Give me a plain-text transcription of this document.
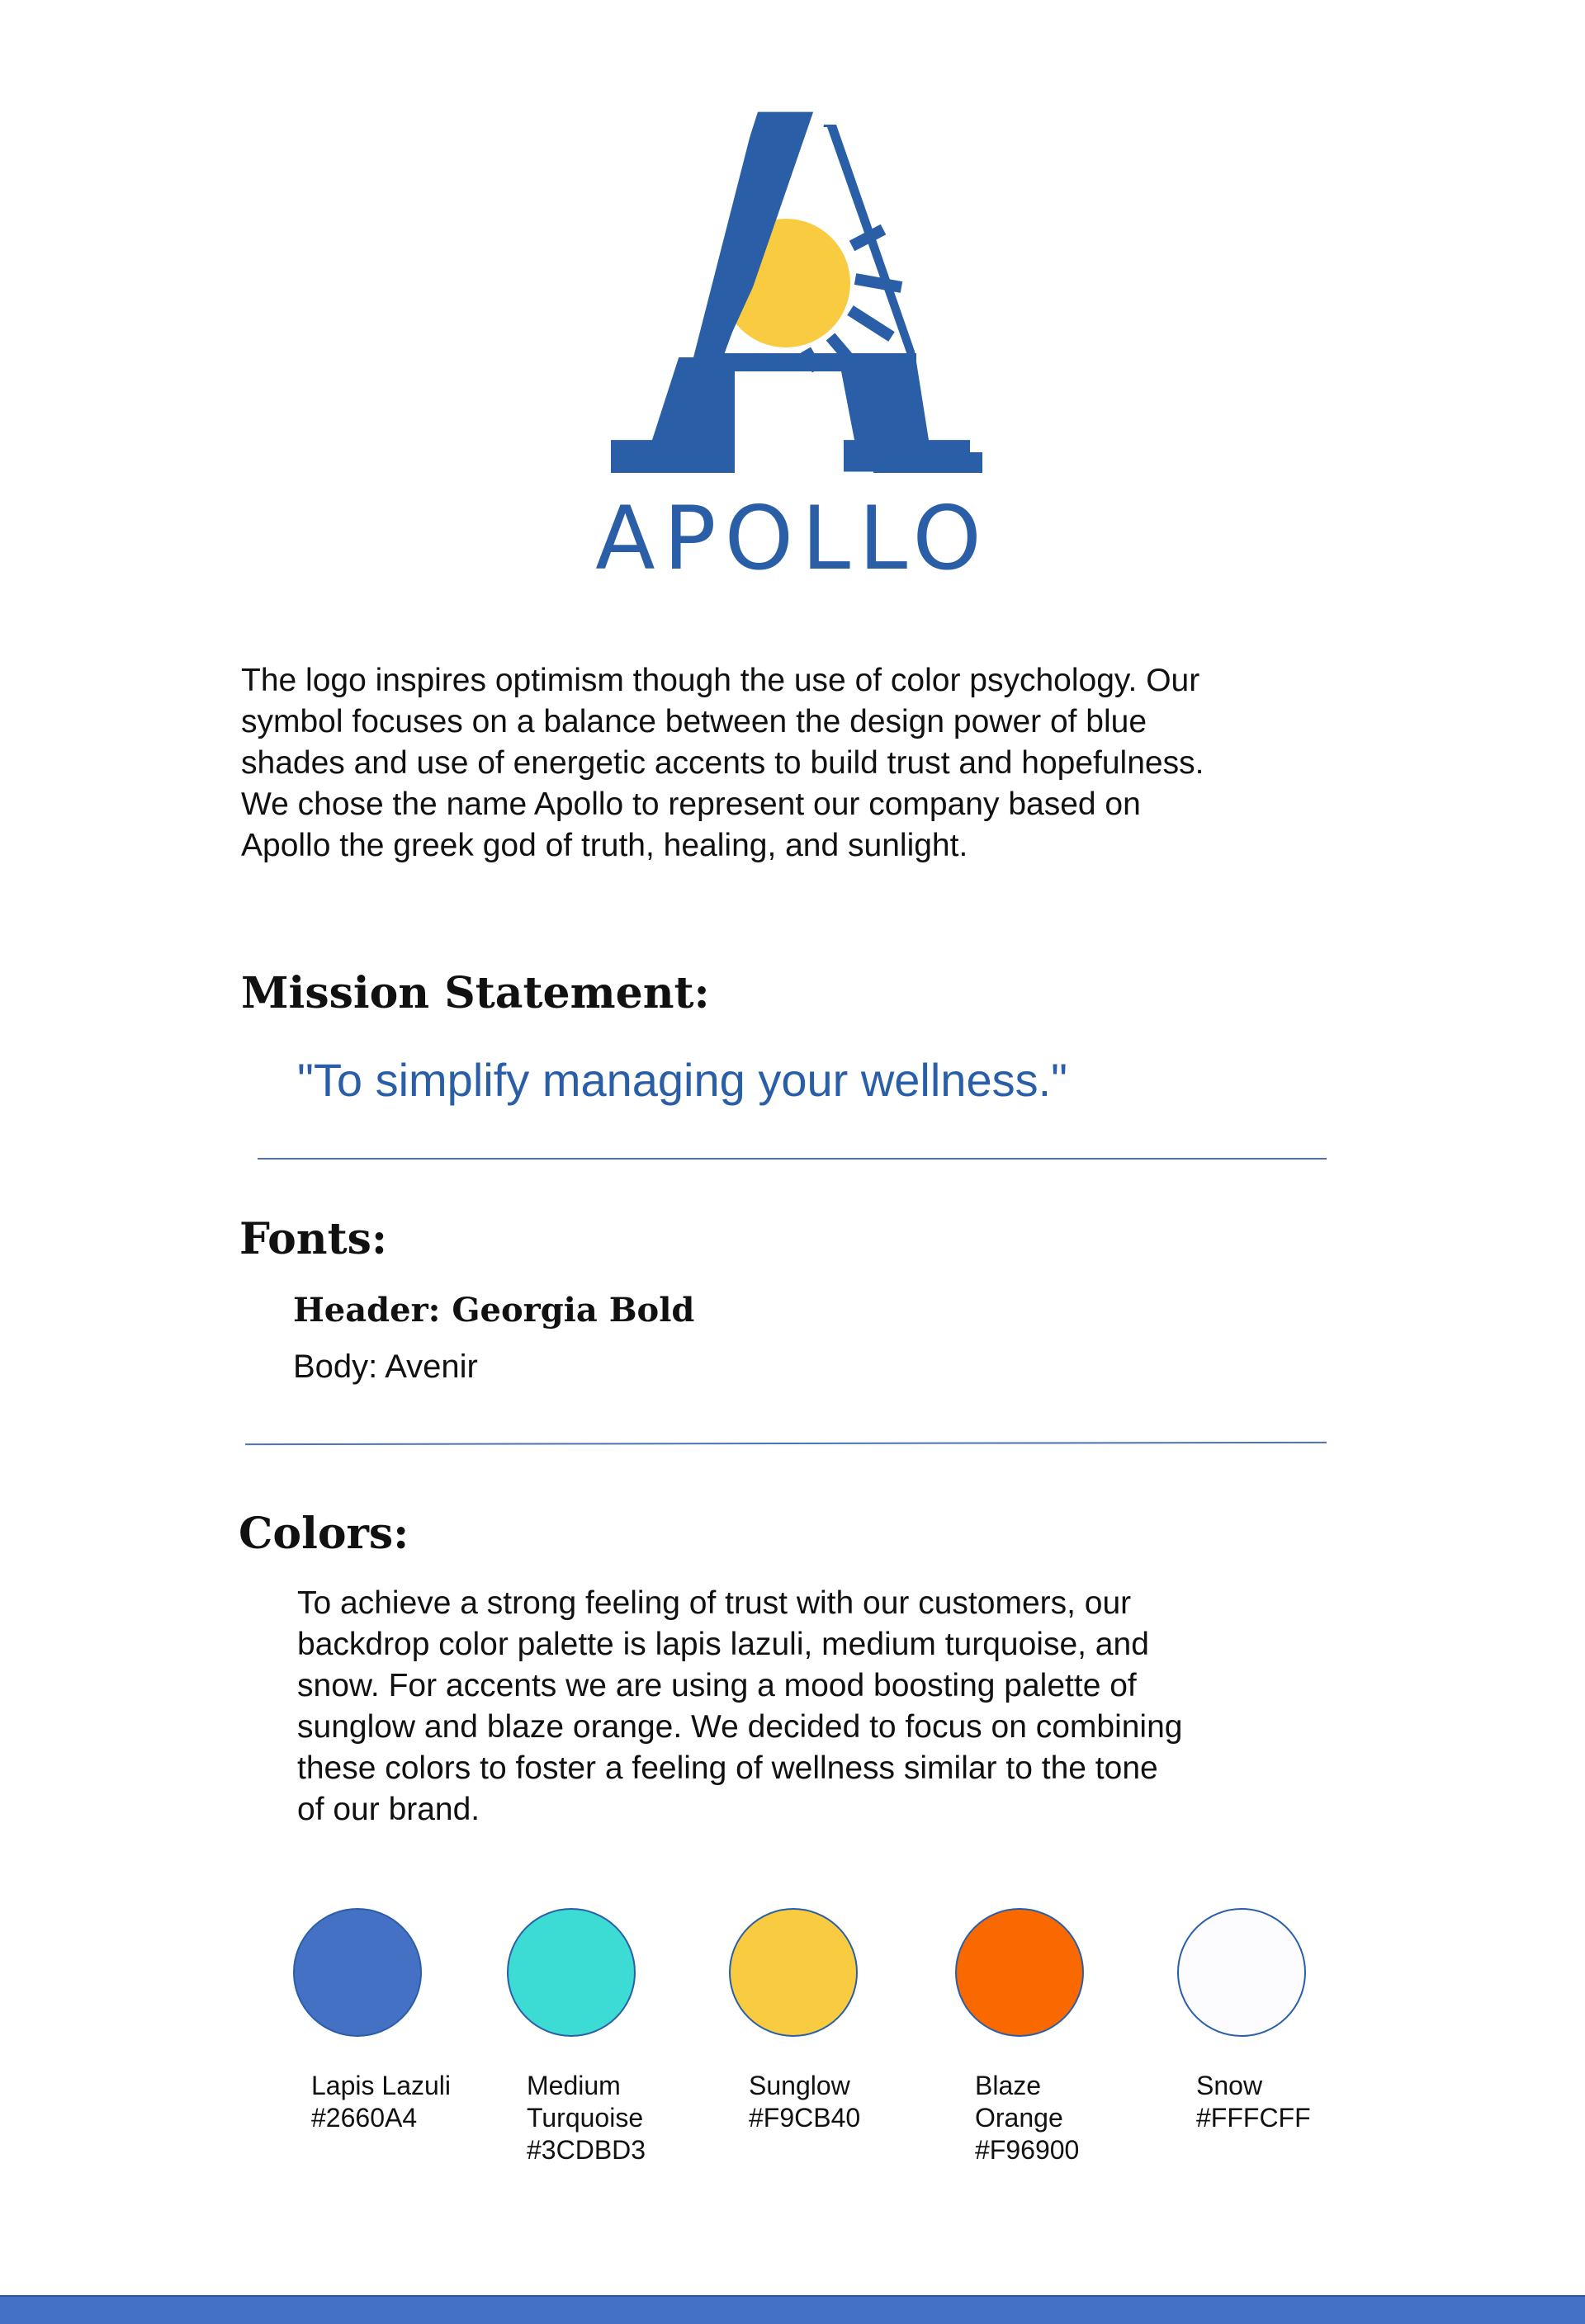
APOLLO
The logo inspires optimism though the use of color psychology. Our
symbol focuses on a balance between the design power of blue
shades and use of energetic accents to build trust and hopefulness.
We chose the name Apollo to represent our company based on
Apollo the greek god of truth, healing, and sunlight.
Mission Statement:
"To simplify managing your wellness."
Fonts:
Header: Georgia Bold
Body: Avenir
Colors:
To achieve a strong feeling of trust with our customers, our
backdrop color palette is lapis lazuli, medium turquoise, and
snow. For accents we are using a mood boosting palette of
sunglow and blaze orange. We decided to focus on combining
these colors to foster a feeling of wellness similar to the tone
of our brand.
Lapis Lazuli
#2660A4
Medium
Turquoise
#3CDBD3
Sunglow
#F9CB40
Blaze
Orange
#F96900
Snow
#FFFCFF
